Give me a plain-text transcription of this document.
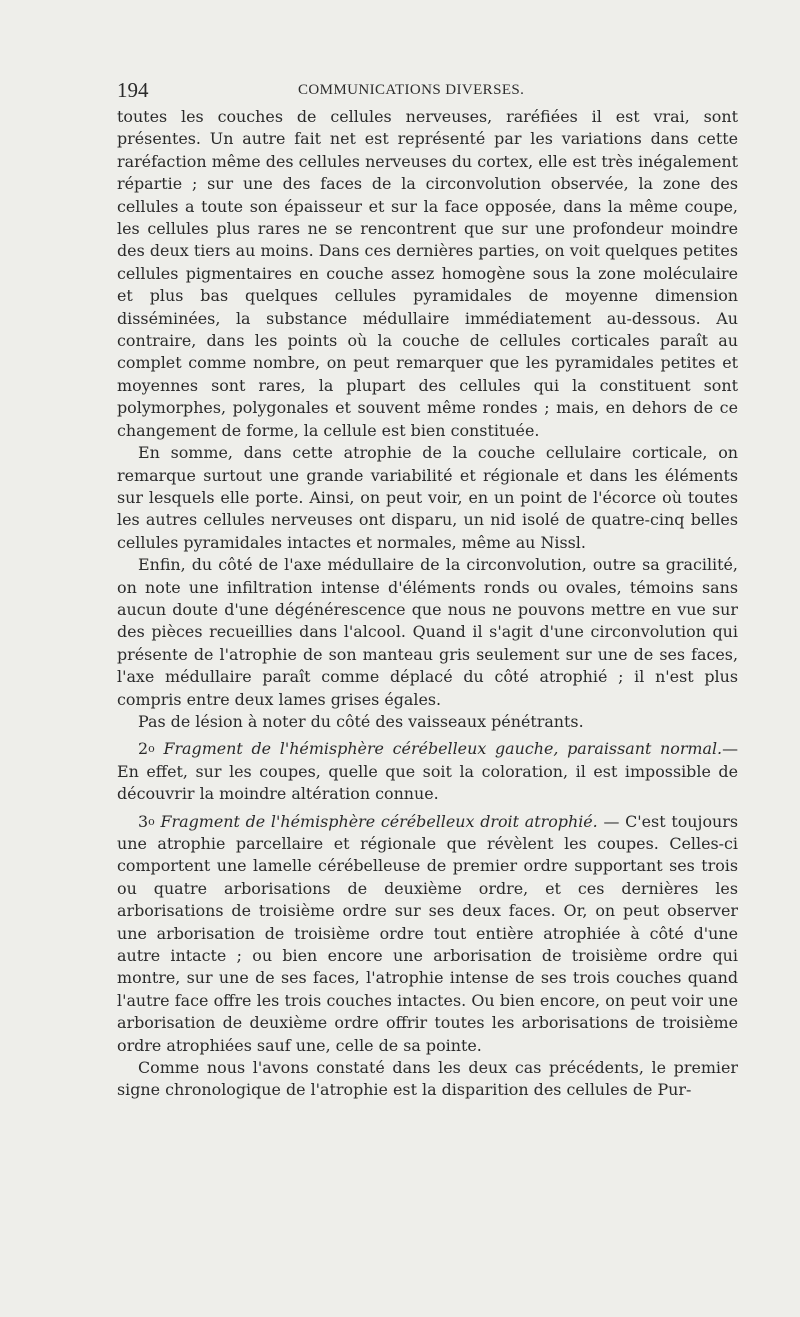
194	COMMUNICATIONS DIVERSES.

toutes les couches de cellules nerveuses, raréfiées il est vrai, sont présentes. Un autre fait net est représenté par les variations dans cette raréfaction même des cellules nerveuses du cortex, elle est très inégalement répartie ; sur une des faces de la circonvolution observée, la zone des cellules a toute son épaisseur et sur la face opposée, dans la même coupe, les cellules plus rares ne se rencontrent que sur une profondeur moindre des deux tiers au moins. Dans ces dernières parties, on voit quelques petites cellules pigmentaires en couche assez homogène sous la zone moléculaire et plus bas quelques cellules pyramidales de moyenne dimension disséminées, la substance médullaire immédiatement au-dessous. Au contraire, dans les points où la couche de cellules corticales paraît au complet comme nombre, on peut remarquer que les pyramidales petites et moyennes sont rares, la plupart des cellules qui la constituent sont polymorphes, polygonales et souvent même rondes ; mais, en dehors de ce changement de forme, la cellule est bien constituée.

En somme, dans cette atrophie de la couche cellulaire corticale, on remarque surtout une grande variabilité et régionale et dans les éléments sur lesquels elle porte. Ainsi, on peut voir, en un point de l'écorce où toutes les autres cellules nerveuses ont disparu, un nid isolé de quatre-cinq belles cellules pyramidales intactes et normales, même au Nissl.

Enfin, du côté de l'axe médullaire de la circonvolution, outre sa gracilité, on note une infiltration intense d'éléments ronds ou ovales, témoins sans aucun doute d'une dégénérescence que nous ne pouvons mettre en vue sur des pièces recueillies dans l'alcool. Quand il s'agit d'une circonvolution qui présente de l'atrophie de son manteau gris seulement sur une de ses faces, l'axe médullaire paraît comme déplacé du côté atrophié ; il n'est plus compris entre deux lames grises égales.

Pas de lésion à noter du côté des vaisseaux pénétrants.

2o Fragment de l'hémisphère cérébelleux gauche, paraissant normal.— En effet, sur les coupes, quelle que soit la coloration, il est impossible de découvrir la moindre altération connue.

3o Fragment de l'hémisphère cérébelleux droit atrophié. — C'est toujours une atrophie parcellaire et régionale que révèlent les coupes. Celles-ci comportent une lamelle cérébelleuse de premier ordre supportant ses trois ou quatre arborisations de deuxième ordre, et ces dernières les arborisations de troisième ordre sur ses deux faces. Or, on peut observer une arborisation de troisième ordre tout entière atrophiée à côté d'une autre intacte ; ou bien encore une arborisation de troisième ordre qui montre, sur une de ses faces, l'atrophie intense de ses trois couches quand l'autre face offre les trois couches intactes. Ou bien encore, on peut voir une arborisation de deuxième ordre offrir toutes les arborisations de troisième ordre atrophiées sauf une, celle de sa pointe.

Comme nous l'avons constaté dans les deux cas précédents, le premier signe chronologique de l'atrophie est la disparition des cellules de Pur-
